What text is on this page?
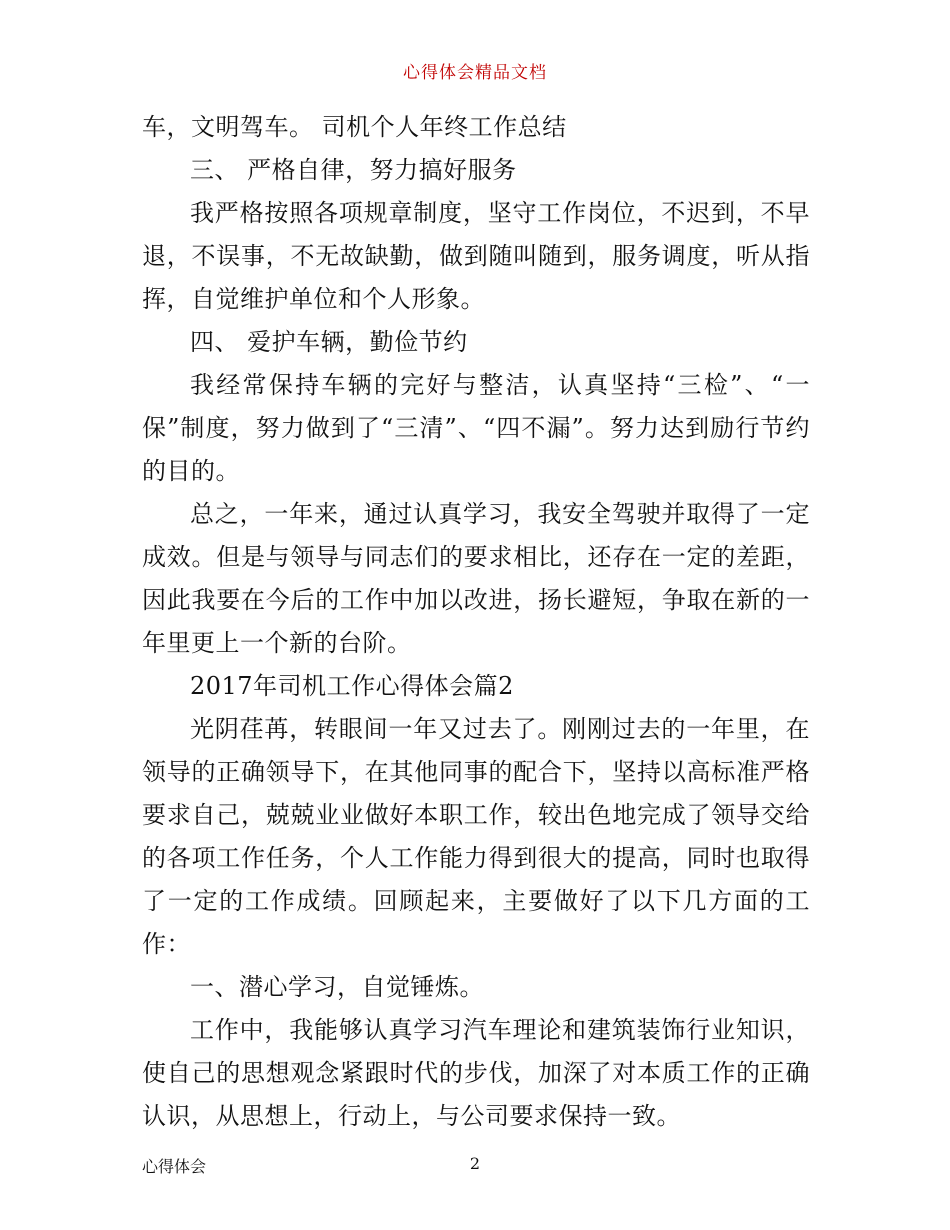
心得体会精品文档

车，文明驾车。 司机个人年终工作总结

三、 严格自律，努力搞好服务

我严格按照各项规章制度，坚守工作岗位，不迟到，不早退，不误事，不无故缺勤，做到随叫随到，服务调度，听从指挥，自觉维护单位和个人形象。

四、 爱护车辆，勤俭节约

我经常保持车辆的完好与整洁，认真坚持“三检”、“一保”制度，努力做到了“三清”、“四不漏”。努力达到励行节约的目的。

总之，一年来，通过认真学习，我安全驾驶并取得了一定成效。但是与领导与同志们的要求相比，还存在一定的差距，因此我要在今后的工作中加以改进，扬长避短，争取在新的一年里更上一个新的台阶。

2017年司机工作心得体会篇2

光阴荏苒，转眼间一年又过去了。刚刚过去的一年里，在领导的正确领导下，在其他同事的配合下，坚持以高标准严格要求自己，兢兢业业做好本职工作，较出色地完成了领导交给的各项工作任务，个人工作能力得到很大的提高，同时也取得了一定的工作成绩。回顾起来，主要做好了以下几方面的工作：

一、潜心学习，自觉锤炼。

工作中，我能够认真学习汽车理论和建筑装饰行业知识，使自己的思想观念紧跟时代的步伐，加深了对本质工作的正确认识，从思想上，行动上，与公司要求保持一致。

心得体会	2
